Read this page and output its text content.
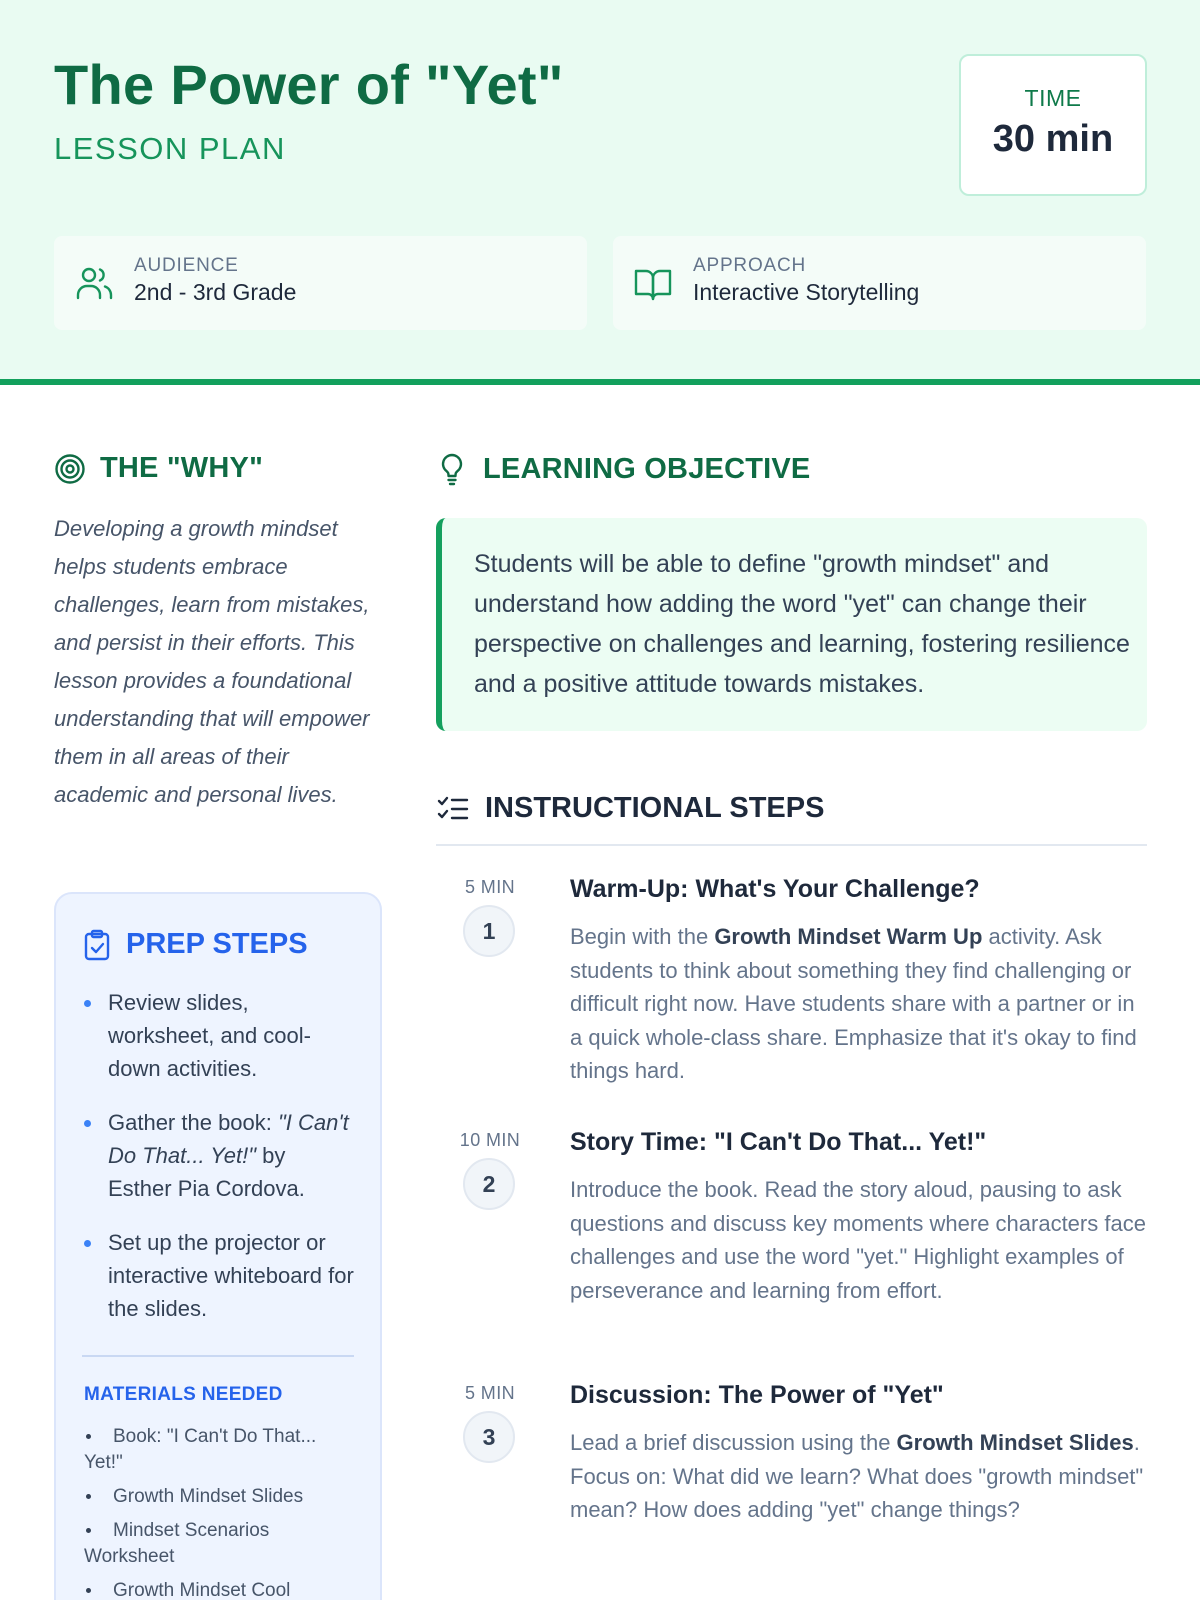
The Power of "Yet"
LESSON PLAN
TIME
30 min
AUDIENCE
2nd - 3rd Grade
APPROACH
Interactive Storytelling
THE "WHY"

Developing a growth mindset helps students embrace challenges, learn from mistakes, and persist in their efforts. This lesson provides a foundational understanding that will empower them in all areas of their academic and personal lives.

PREP STEPS
Review slides, worksheet, and cool-down activities.
Gather the book: "I Can't Do That... Yet!" by Esther Pia Cordova.
Set up the projector or interactive whiteboard for the slides.
MATERIALS NEEDED
Book: "I Can't Do That... Yet!"
Growth Mindset Slides
Mindset Scenarios Worksheet
Growth Mindset Cool
LEARNING OBJECTIVE

Students will be able to define "growth mindset" and understand how adding the word "yet" can change their perspective on challenges and learning, fostering resilience and a positive attitude towards mistakes.

INSTRUCTIONAL STEPS
5 MIN
1
Warm-Up: What's Your Challenge?
Begin with the Growth Mindset Warm Up activity. Ask students to think about something they find challenging or difficult right now. Have students share with a partner or in a quick whole-class share. Emphasize that it's okay to find things hard.
10 MIN
2
Story Time: "I Can't Do That... Yet!"
Introduce the book. Read the story aloud, pausing to ask questions and discuss key moments where characters face challenges and use the word "yet." Highlight examples of perseverance and learning from effort.
5 MIN
3
Discussion: The Power of "Yet"
Lead a brief discussion using the Growth Mindset Slides. Focus on: What did we learn? What does "growth mindset" mean? How does adding "yet" change things?
